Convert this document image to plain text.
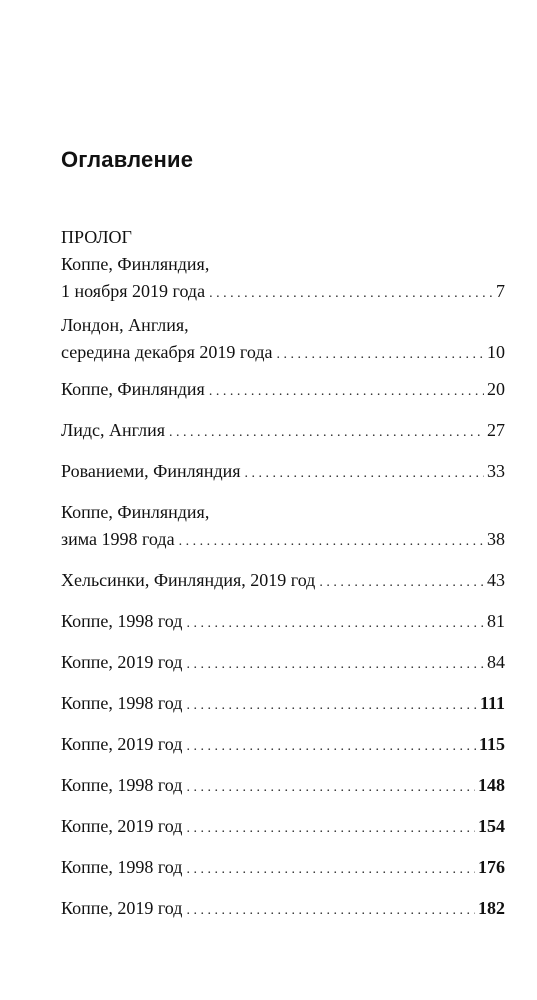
Оглавление
ПРОЛОГ
Коппе, Финляндия,
1 ноября 2019 года . . .	7
Лондон, Англия,
середина декабря 2019 года . . .	10
Коппе, Финляндия . . .	20
Лидс, Англия . . .	27
Рованиеми, Финляндия . . .	33
Коппе, Финляндия,
зима 1998 года . . .	38
Хельсинки, Финляндия, 2019 год . . .	43
Коппе, 1998 год . . .	81
Коппе, 2019 год . . .	84
Коппе, 1998 год . . .	111
Коппе, 2019 год . . .	115
Коппе, 1998 год . . .	148
Коппе, 2019 год . . .	154
Коппе, 1998 год . . .	176
Коппе, 2019 год . . .	182
